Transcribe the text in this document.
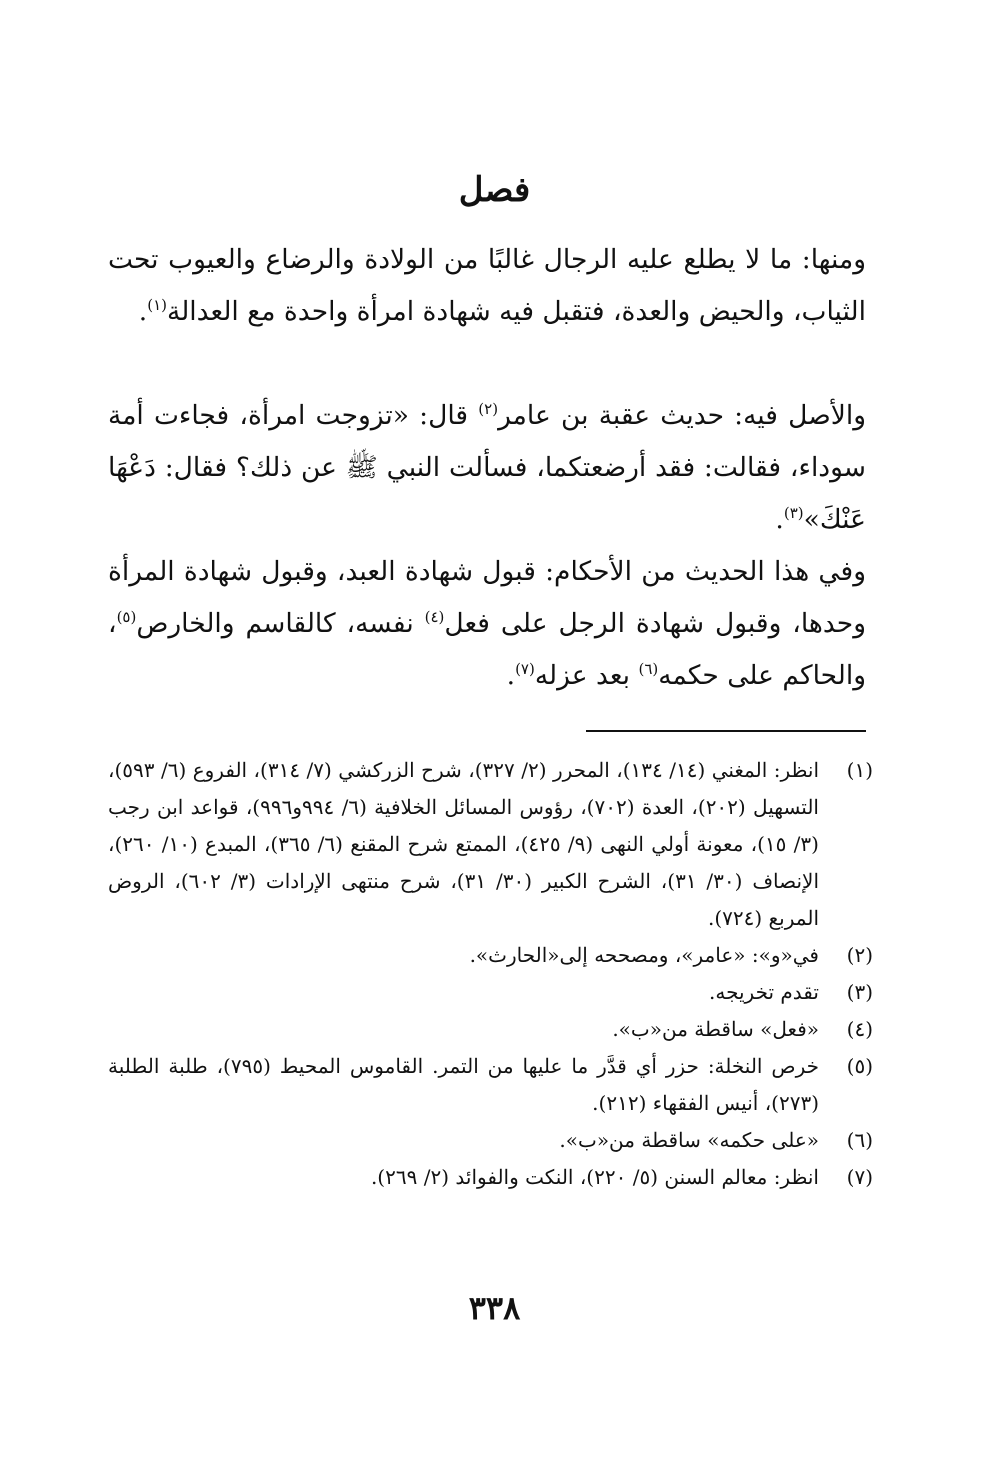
فصل

ومنها: ما لا يطلع عليه الرجال غالبًا من الولادة والرضاع والعيوب تحت الثياب، والحيض والعدة، فتقبل فيه شهادة امرأة واحدة مع العدالة$^{(١)}$.

والأصل فيه: حديث عقبة بن عامر$^{(٢)}$ قال: «تزوجت امرأة، فجاءت أمة سوداء، فقالت: فقد أرضعتكما، فسألت النبي ﷺ عن ذلك؟ فقال: دَعْهَا عَنْكَ»$^{(٣)}$.

وفي هذا الحديث من الأحكام: قبول شهادة العبد، وقبول شهادة المرأة وحدها، وقبول شهادة الرجل على فعل$^{(٤)}$ نفسه، كالقاسم والخارص$^{(٥)}$، والحاكم على حكمه$^{(٦)}$ بعد عزله$^{(٧)}$.

(١)
انظر: المغني (١٤/ ١٣٤)، المحرر (٢/ ٣٢٧)، شرح الزركشي (٧/ ٣١٤)، الفروع (٦/ ٥٩٣)، التسهيل (٢٠٢)، العدة (٧٠٢)، رؤوس المسائل الخلافية (٦/ ٩٩٤و٩٩٦)، قواعد ابن رجب (٣/ ١٥)، معونة أولي النهى (٩/ ٤٢٥)، الممتع شرح المقنع (٦/ ٣٦٥)، المبدع (١٠/ ٢٦٠)، الإنصاف (٣٠/ ٣١)، الشرح الكبير (٣٠/ ٣١)، شرح منتهى الإرادات (٣/ ٦٠٢)، الروض المربع (٧٢٤).
(٢)
في«و»: «عامر»، ومصححه إلى«الحارث».
(٣)
تقدم تخريجه.
(٤)
«فعل» ساقطة من«ب».
(٥)
خرص النخلة: حزر أي قدَّر ما عليها من التمر. القاموس المحيط (٧٩٥)، طلبة الطلبة (٢٧٣)، أنيس الفقهاء (٢١٢).
(٦)
«على حكمه» ساقطة من«ب».
(٧)
انظر: معالم السنن (٥/ ٢٢٠)، النكت والفوائد (٢/ ٢٦٩).
٣٣٨
